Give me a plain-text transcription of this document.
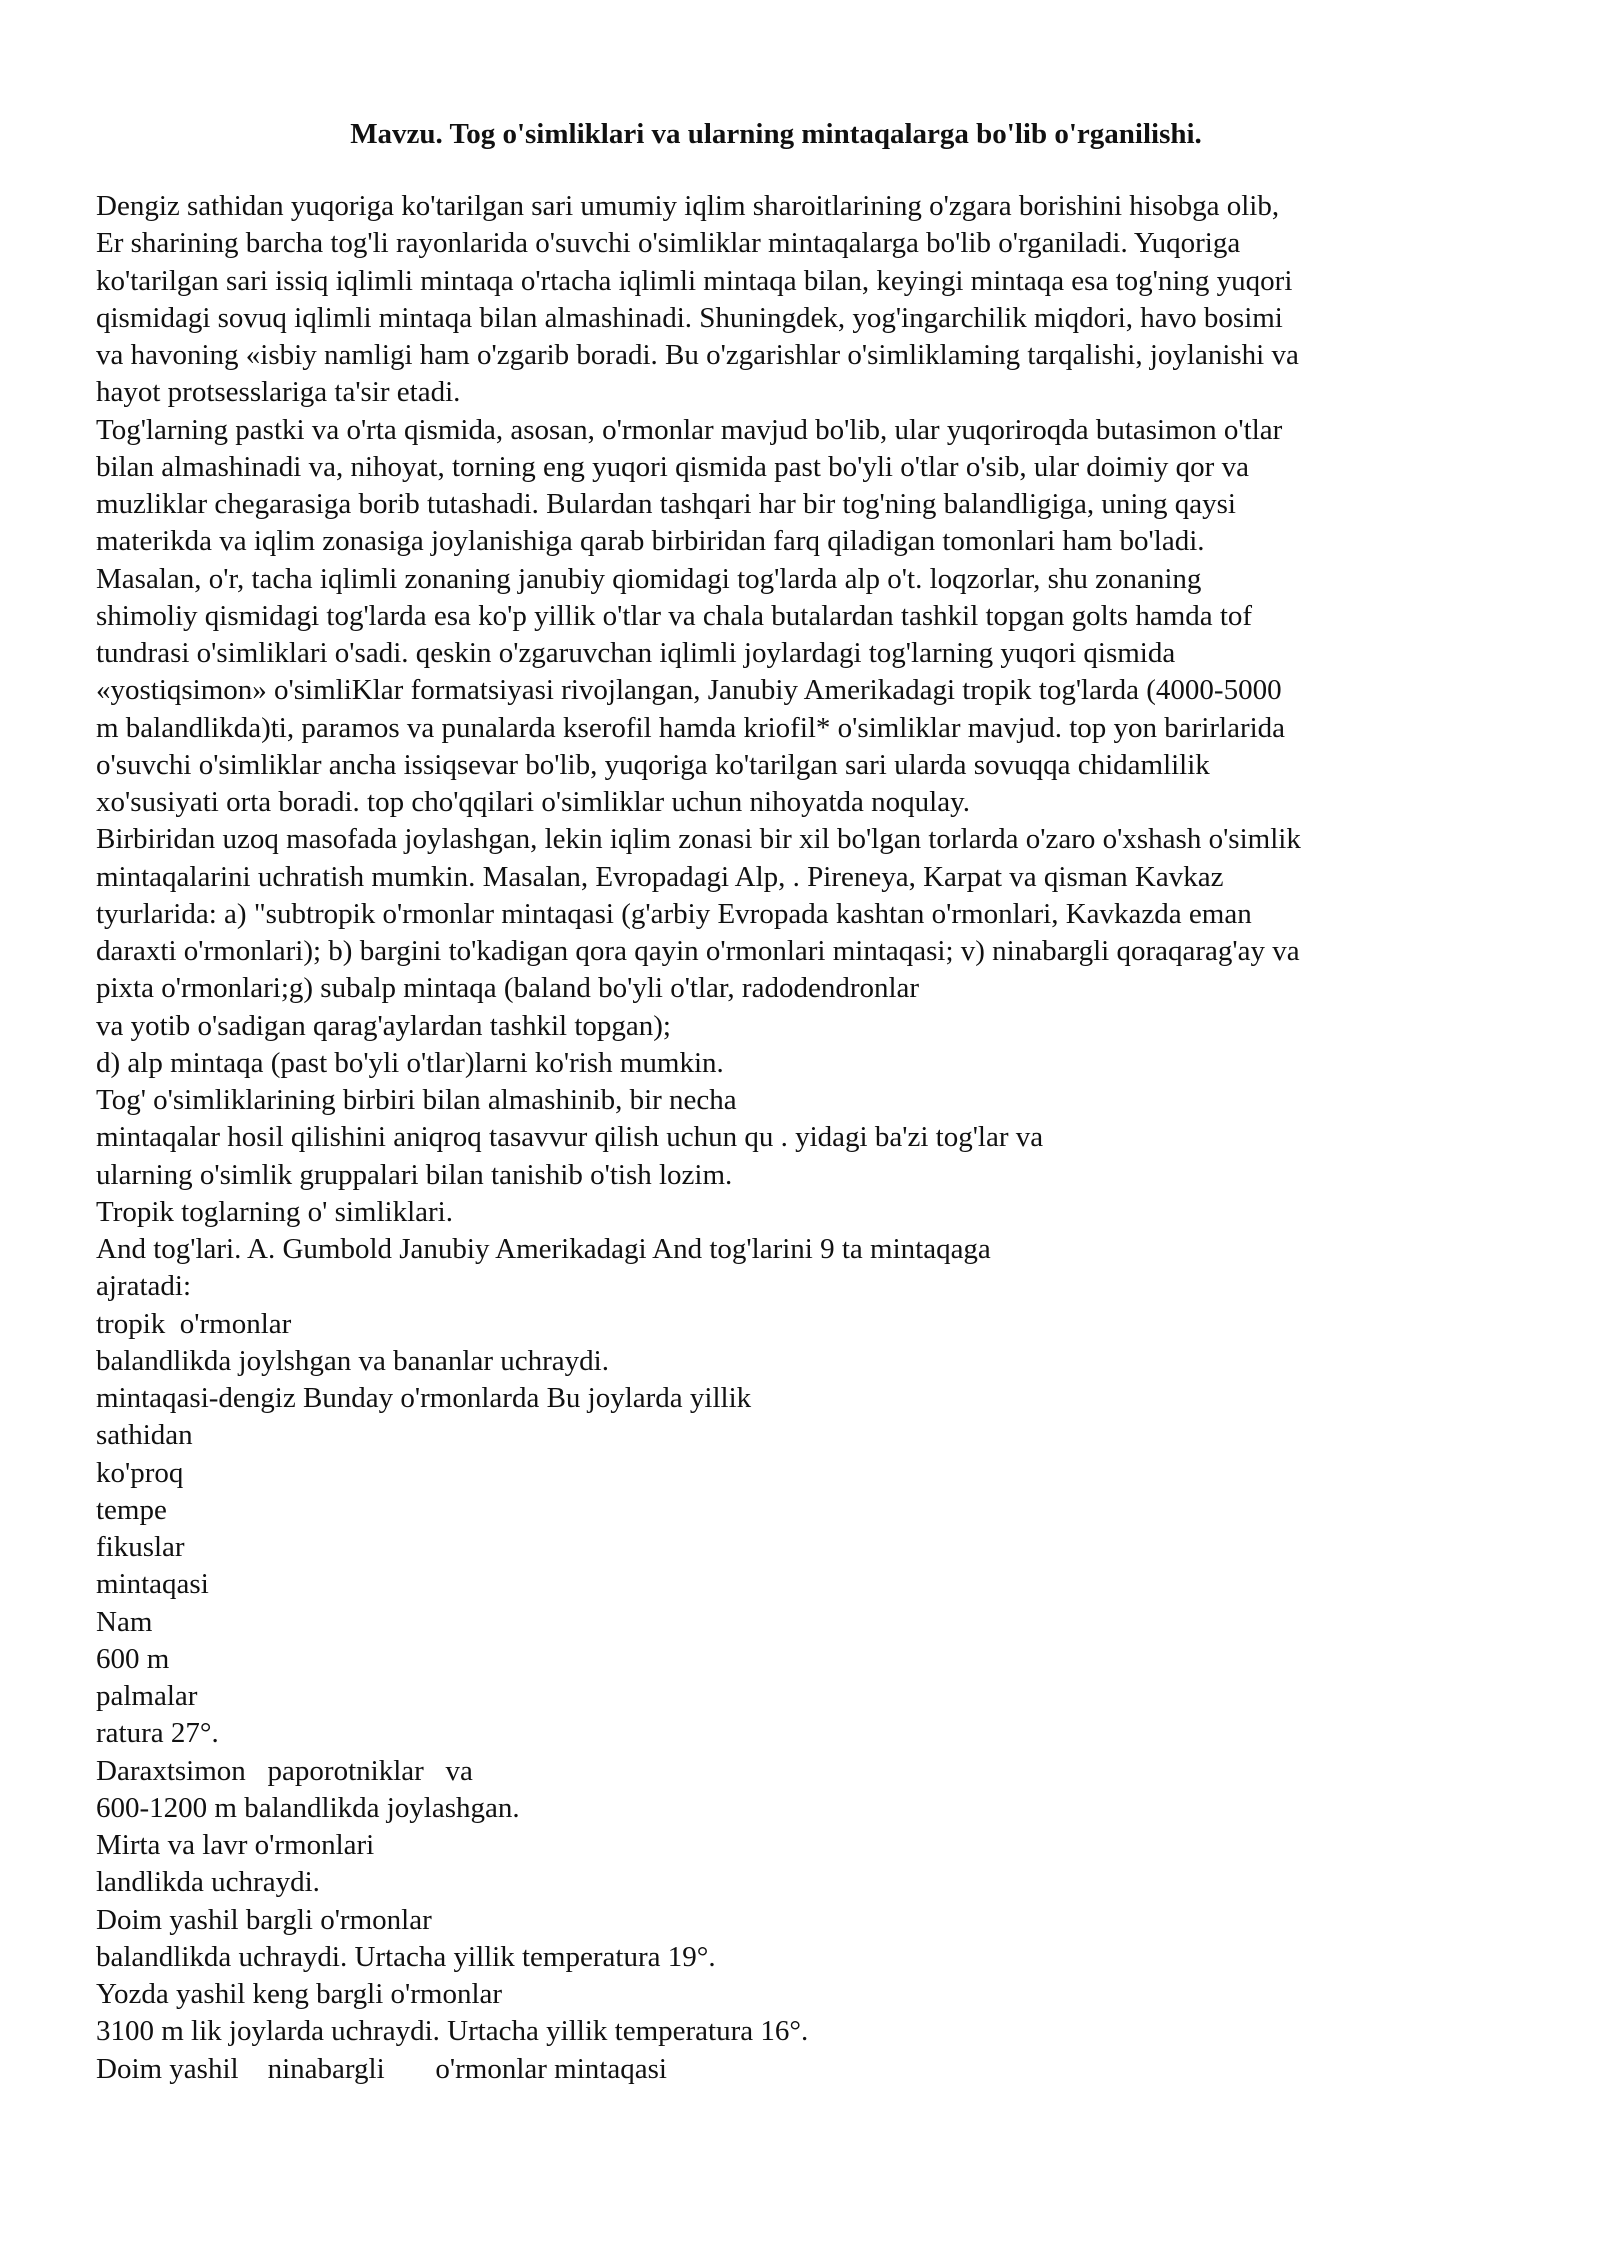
Mavzu. Tog o'simliklari va ularning mintaqalarga bo'lib o'rganilishi.
Dengiz sathidan yuqoriga ko'tarilgan sari umumiy iqlim sharoitlarining o'zgara borishini hisobga olib,
Er sharining barcha tog'li rayonlarida o'suvchi o'simliklar mintaqalarga bo'lib o'rganiladi. Yuqoriga
ko'tarilgan sari issiq iqlimli mintaqa o'rtacha iqlimli mintaqa bilan, keyingi mintaqa esa tog'ning yuqori
qismidagi sovuq iqlimli mintaqa bilan almashinadi. Shuningdek, yog'ingarchilik miqdori, havo bosimi
va havoning «isbiy namligi ham o'zgarib boradi. Bu o'zgarishlar o'simliklaming tarqalishi, joylanishi va
hayot protsesslariga ta'sir etadi.
Tog'larning pastki va o'rta qismida, asosan, o'rmonlar mavjud bo'lib, ular yuqoriroqda butasimon o'tlar
bilan almashinadi va, nihoyat, torning eng yuqori qismida past bo'yli o'tlar o'sib, ular doimiy qor va
muzliklar chegarasiga borib tutashadi. Bulardan tashqari har bir tog'ning balandligiga, uning qaysi
materikda va iqlim zonasiga joylanishiga qarab birbiridan farq qiladigan tomonlari ham bo'ladi.
Masalan, o'r, tacha iqlimli zonaning janubiy qiomidagi tog'larda alp o't. loqzorlar, shu zonaning
shimoliy qismidagi tog'larda esa ko'p yillik o'tlar va chala butalardan tashkil topgan golts hamda tof
tundrasi o'simliklari o'sadi. qeskin o'zgaruvchan iqlimli joylardagi tog'larning yuqori qismida
«yostiqsimon» o'simliKlar formatsiyasi rivojlangan, Janubiy Amerikadagi tropik tog'larda (4000-5000
m balandlikda)ti, paramos va punalarda kserofil hamda kriofil* o'simliklar mavjud. top yon barirlarida
o'suvchi o'simliklar ancha issiqsevar bo'lib, yuqoriga ko'tarilgan sari ularda sovuqqa chidamlilik
xo'susiyati orta boradi. top cho'qqilari o'simliklar uchun nihoyatda noqulay.
Birbiridan uzoq masofada joylashgan, lekin iqlim zonasi bir xil bo'lgan torlarda o'zaro o'xshash o'simlik
mintaqalarini uchratish mumkin. Masalan, Evropadagi Alp, . Pireneya, Karpat va qisman Kavkaz
tyurlarida: a) "subtropik o'rmonlar mintaqasi (g'arbiy Evropada kashtan o'rmonlari, Kavkazda eman
daraxti o'rmonlari); b) bargini to'kadigan qora qayin o'rmonlari mintaqasi; v) ninabargli qoraqarag'ay va
pixta o'rmonlari;g) subalp mintaqa (baland bo'yli o'tlar, radodendronlar
va yotib o'sadigan qarag'aylardan tashkil topgan);
d) alp mintaqa (past bo'yli o'tlar)larni ko'rish mumkin.
Tog' o'simliklarining birbiri bilan almashinib, bir necha
mintaqalar hosil qilishini aniqroq tasavvur qilish uchun qu . yidagi ba'zi tog'lar va
ularning o'simlik gruppalari bilan tanishib o'tish lozim.
Tropik toglarning o' simliklari.
And tog'lari. A. Gumbold Janubiy Amerikadagi And tog'larini 9 ta mintaqaga
ajratadi:
tropik  o'rmonlar
balandlikda joylshgan va bananlar uchraydi.
mintaqasi-dengiz Bunday o'rmonlarda Bu joylarda yillik
sathidan
ko'proq
tempe
fikuslar
mintaqasi
Nam
600 m
palmalar
ratura 27°.
Daraxtsimon   paporotniklar   va
600-1200 m balandlikda joylashgan.
Mirta va lavr o'rmonlari
landlikda uchraydi.
Doim yashil bargli o'rmonlar
balandlikda uchraydi. Urtacha yillik temperatura 19°.
Yozda yashil keng bargli o'rmonlar
3100 m lik joylarda uchraydi. Urtacha yillik temperatura 16°.
Doim yashil    ninabargli       o'rmonlar mintaqasi
